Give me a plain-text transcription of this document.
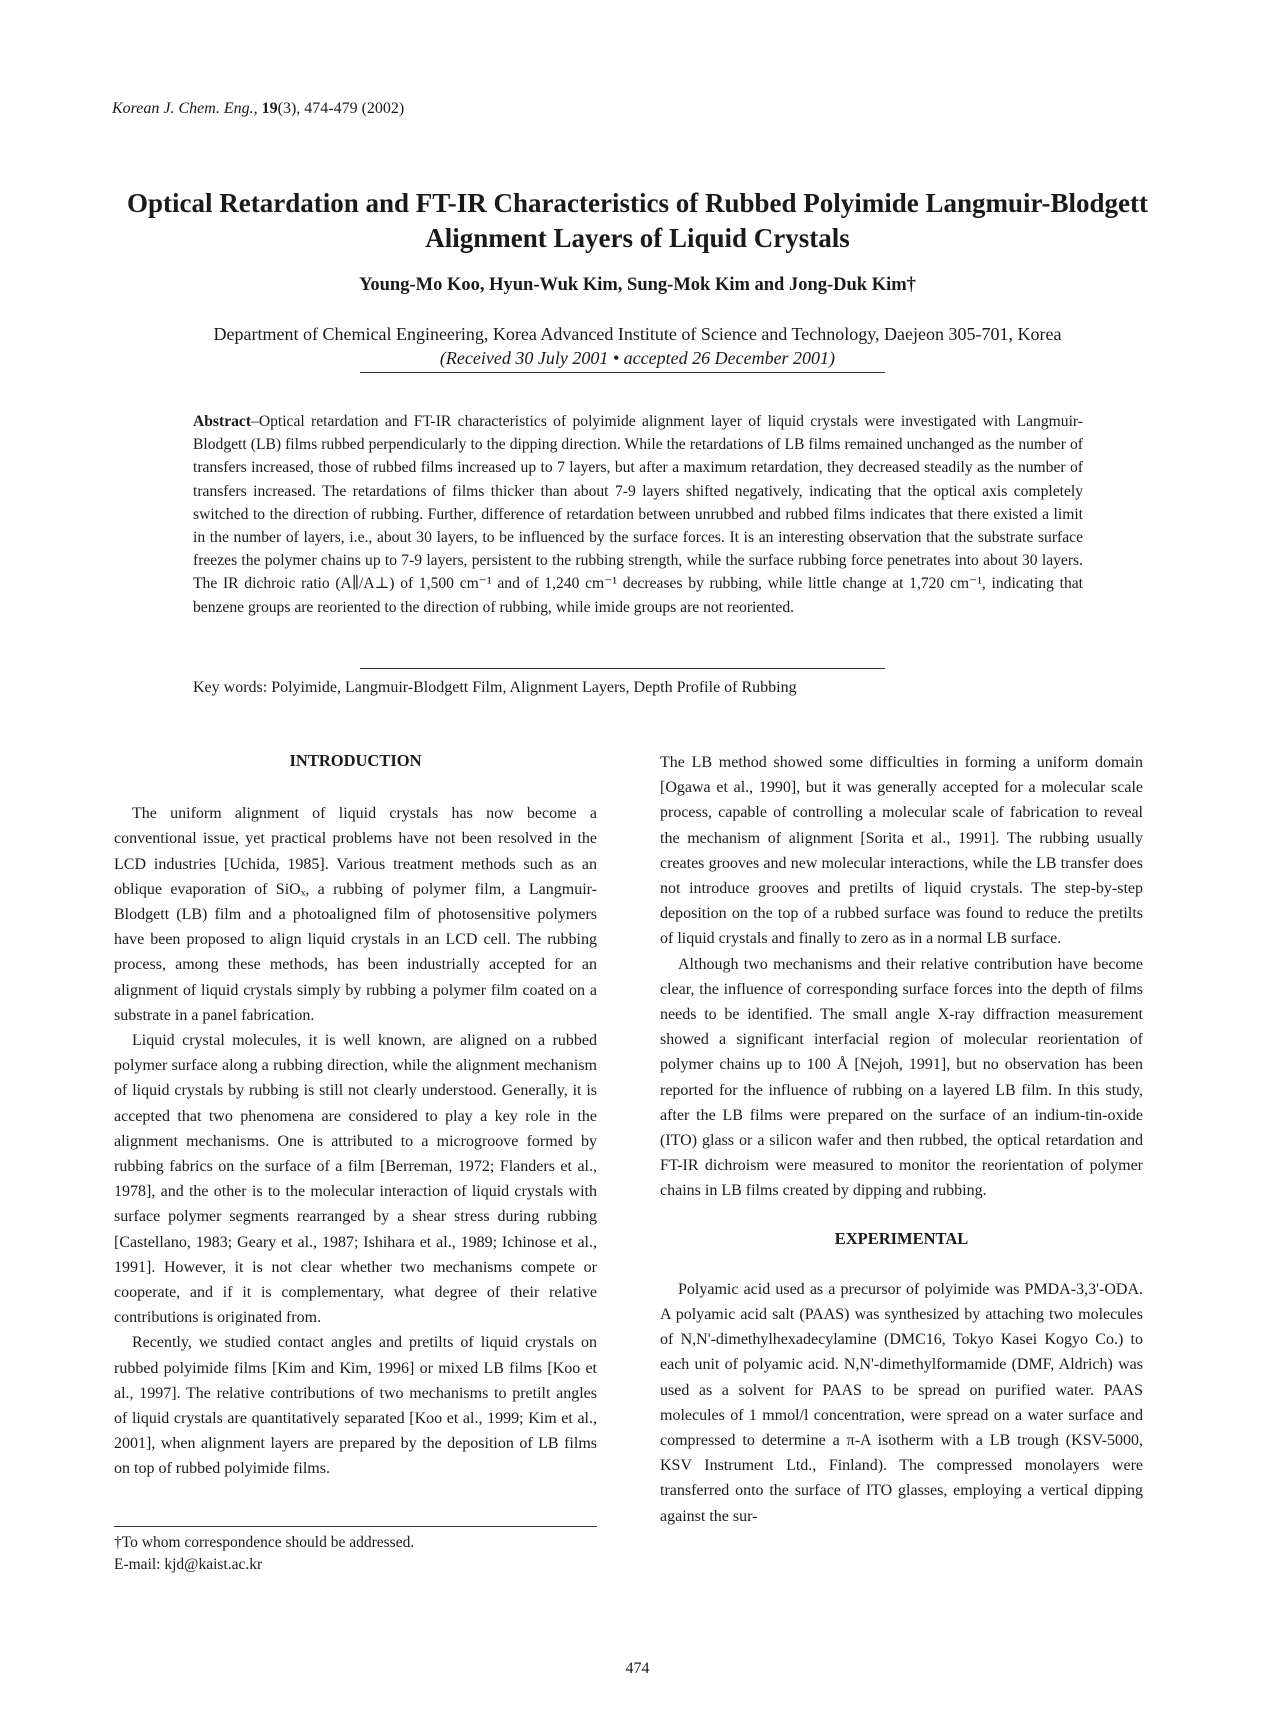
Korean J. Chem. Eng., 19(3), 474-479 (2002)
Optical Retardation and FT-IR Characteristics of Rubbed Polyimide Langmuir-Blodgett Alignment Layers of Liquid Crystals
Young-Mo Koo, Hyun-Wuk Kim, Sung-Mok Kim and Jong-Duk Kim†
Department of Chemical Engineering, Korea Advanced Institute of Science and Technology, Daejeon 305-701, Korea
(Received 30 July 2001 • accepted 26 December 2001)
Abstract–Optical retardation and FT-IR characteristics of polyimide alignment layer of liquid crystals were investigated with Langmuir-Blodgett (LB) films rubbed perpendicularly to the dipping direction. While the retardations of LB films remained unchanged as the number of transfers increased, those of rubbed films increased up to 7 layers, but after a maximum retardation, they decreased steadily as the number of transfers increased. The retardations of films thicker than about 7-9 layers shifted negatively, indicating that the optical axis completely switched to the direction of rubbing. Further, difference of retardation between unrubbed and rubbed films indicates that there existed a limit in the number of layers, i.e., about 30 layers, to be influenced by the surface forces. It is an interesting observation that the substrate surface freezes the polymer chains up to 7-9 layers, persistent to the rubbing strength, while the surface rubbing force penetrates into about 30 layers. The IR dichroic ratio (A∥/A⊥) of 1,500 cm⁻¹ and of 1,240 cm⁻¹ decreases by rubbing, while little change at 1,720 cm⁻¹, indicating that benzene groups are reoriented to the direction of rubbing, while imide groups are not reoriented.
Key words: Polyimide, Langmuir-Blodgett Film, Alignment Layers, Depth Profile of Rubbing
INTRODUCTION

The uniform alignment of liquid crystals has now become a conventional issue, yet practical problems have not been resolved in the LCD industries [Uchida, 1985]. Various treatment methods such as an oblique evaporation of SiOₓ, a rubbing of polymer film, a Langmuir-Blodgett (LB) film and a photoaligned film of photosensitive polymers have been proposed to align liquid crystals in an LCD cell. The rubbing process, among these methods, has been industrially accepted for an alignment of liquid crystals simply by rubbing a polymer film coated on a substrate in a panel fabrication.

Liquid crystal molecules, it is well known, are aligned on a rubbed polymer surface along a rubbing direction, while the alignment mechanism of liquid crystals by rubbing is still not clearly understood. Generally, it is accepted that two phenomena are considered to play a key role in the alignment mechanisms. One is attributed to a microgroove formed by rubbing fabrics on the surface of a film [Berreman, 1972; Flanders et al., 1978], and the other is to the molecular interaction of liquid crystals with surface polymer segments rearranged by a shear stress during rubbing [Castellano, 1983; Geary et al., 1987; Ishihara et al., 1989; Ichinose et al., 1991]. However, it is not clear whether two mechanisms compete or cooperate, and if it is complementary, what degree of their relative contributions is originated from.

Recently, we studied contact angles and pretilts of liquid crystals on rubbed polyimide films [Kim and Kim, 1996] or mixed LB films [Koo et al., 1997]. The relative contributions of two mechanisms to pretilt angles of liquid crystals are quantitatively separated [Koo et al., 1999; Kim et al., 2001], when alignment layers are prepared by the deposition of LB films on top of rubbed polyimide films.

†To whom correspondence should be addressed.
E-mail: kjd@kaist.ac.kr

The LB method showed some difficulties in forming a uniform domain [Ogawa et al., 1990], but it was generally accepted for a molecular scale process, capable of controlling a molecular scale of fabrication to reveal the mechanism of alignment [Sorita et al., 1991]. The rubbing usually creates grooves and new molecular interactions, while the LB transfer does not introduce grooves and pretilts of liquid crystals. The step-by-step deposition on the top of a rubbed surface was found to reduce the pretilts of liquid crystals and finally to zero as in a normal LB surface.

Although two mechanisms and their relative contribution have become clear, the influence of corresponding surface forces into the depth of films needs to be identified. The small angle X-ray diffraction measurement showed a significant interfacial region of molecular reorientation of polymer chains up to 100 Å [Nejoh, 1991], but no observation has been reported for the influence of rubbing on a layered LB film. In this study, after the LB films were prepared on the surface of an indium-tin-oxide (ITO) glass or a silicon wafer and then rubbed, the optical retardation and FT-IR dichroism were measured to monitor the reorientation of polymer chains in LB films created by dipping and rubbing.

EXPERIMENTAL

Polyamic acid used as a precursor of polyimide was PMDA-3,3'-ODA. A polyamic acid salt (PAAS) was synthesized by attaching two molecules of N,N'-dimethylhexadecylamine (DMC16, Tokyo Kasei Kogyo Co.) to each unit of polyamic acid. N,N'-dimethylformamide (DMF, Aldrich) was used as a solvent for PAAS to be spread on purified water. PAAS molecules of 1 mmol/l concentration, were spread on a water surface and compressed to determine a π-A isotherm with a LB trough (KSV-5000, KSV Instrument Ltd., Finland). The compressed monolayers were transferred onto the surface of ITO glasses, employing a vertical dipping against the sur-

474
